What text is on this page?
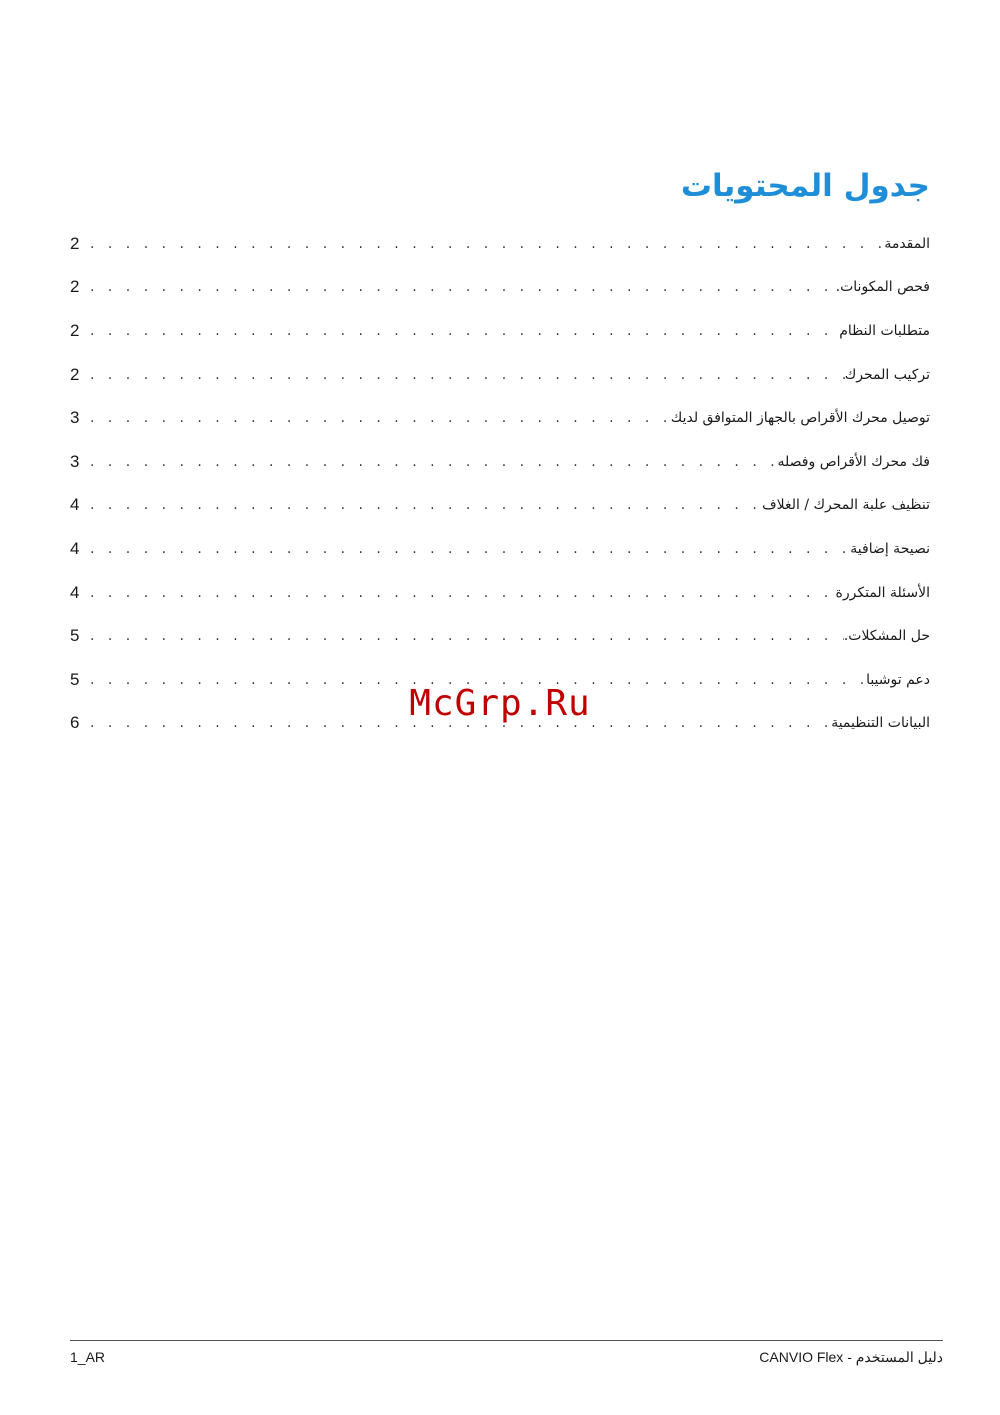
جدول المحتويات
2 . . .	المقدمة
2 . . .	فحص المكونات.
2 . . .	متطلبات النظام
2 . . .	تركيب المحرك
3 . . .	توصيل محرك الأقراص بالجهاز المتوافق لديك
3 . . .	فك محرك الأقراص وفصله
4 . . .	تنظيف علبة المحرك / الغلاف
4 . . .	نصيحة إضافية
4 . . .	الأسئلة المتكررة
5 . . .	حل المشكلات.
5 . . .	دعم توشيبا
6 . . .	البيانات التنظيمية
McGrp.Ru
1_AR	CANVIO Flex - دليل المستخدم
